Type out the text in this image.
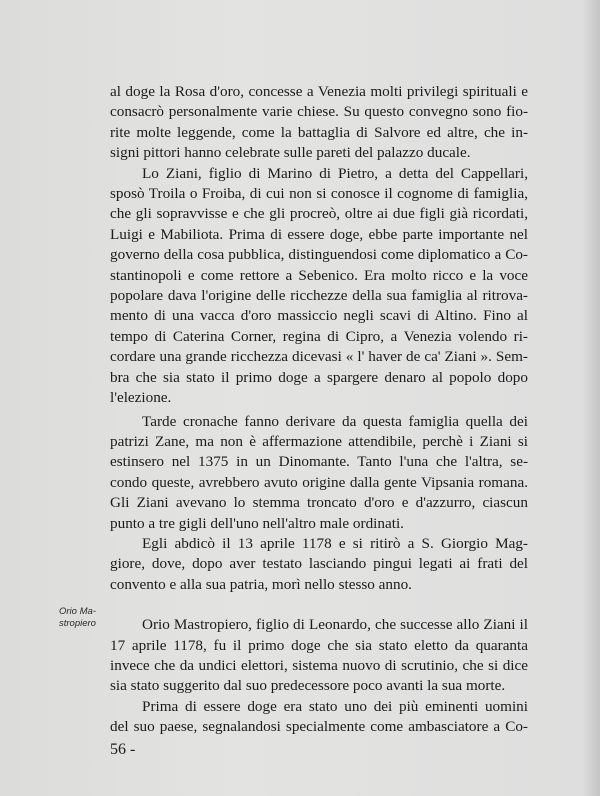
al doge la Rosa d'oro, concesse a Venezia molti privilegi spirituali e
consacrò personalmente varie chiese. Su questo convegno sono fio-
rite molte leggende, come la battaglia di Salvore ed altre, che in-
signi pittori hanno celebrate sulle pareti del palazzo ducale.
Lo Ziani, figlio di Marino di Pietro, a detta del Cappellari,
sposò Troila o Froiba, di cui non si conosce il cognome di famiglia,
che gli sopravvisse e che gli procreò, oltre ai due figli già ricordati,
Luigi e Mabiliota. Prima di essere doge, ebbe parte importante nel
governo della cosa pubblica, distinguendosi come diplomatico a Co-
stantinopoli e come rettore a Sebenico. Era molto ricco e la voce
popolare dava l'origine delle ricchezze della sua famiglia al ritrova-
mento di una vacca d'oro massiccio negli scavi di Altino. Fino al
tempo di Caterina Corner, regina di Cipro, a Venezia volendo ri-
cordare una grande ricchezza dicevasi « l' haver de ca' Ziani ». Sem-
bra che sia stato il primo doge a spargere denaro al popolo dopo
l'elezione.
Tarde cronache fanno derivare da questa famiglia quella dei
patrizi Zane, ma non è affermazione attendibile, perchè i Ziani si
estinsero nel 1375 in un Dinomante. Tanto l'una che l'altra, se-
condo queste, avrebbero avuto origine dalla gente Vipsania romana.
Gli Ziani avevano lo stemma troncato d'oro e d'azzurro, ciascun
punto a tre gigli dell'uno nell'altro male ordinati.
Egli abdicò il 13 aprile 1178 e si ritirò a S. Giorgio Mag-
giore, dove, dopo aver testato lasciando pingui legati ai frati del
convento e alla sua patria, morì nello stesso anno.
Orio Mastropiero, figlio di Leonardo, che successe allo Ziani il
17 aprile 1178, fu il primo doge che sia stato eletto da quaranta
invece che da undici elettori, sistema nuovo di scrutinio, che si dice
sia stato suggerito dal suo predecessore poco avanti la sua morte.
Prima di essere doge era stato uno dei più eminenti uomini
del suo paese, segnalandosi specialmente come ambasciatore a Co-
Orio Ma-
stropiero
56 -
